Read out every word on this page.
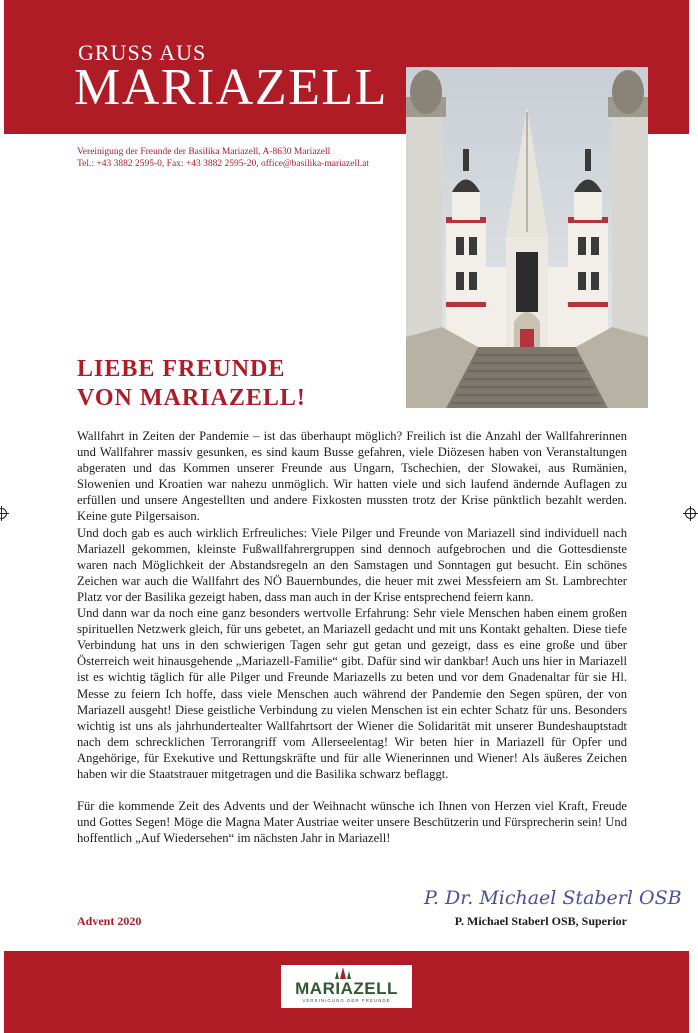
GRUSS AUS
MARIAZELL
Vereinigung der Freunde der Basilika Mariazell, A-8630 Mariazell
Tel.: +43 3882 2595-0, Fax: +43 3882 2595-20, office@basilika-mariazell.at
LIEBE FREUNDE
VON MARIAZELL!

Wallfahrt in Zeiten der Pandemie – ist das überhaupt möglich? Freilich ist die Anzahl der Wallfahrerinnen und Wallfahrer massiv gesunken, es sind kaum Busse gefahren, viele Diözesen haben von Veranstaltungen abgeraten und das Kommen unserer Freunde aus Ungarn, Tschechien, der Slowakei, aus Rumänien, Slowenien und Kroatien war nahezu unmöglich. Wir hatten viele und sich laufend ändernde Auflagen zu erfüllen und unsere Angestellten und andere Fixkosten mussten trotz der Krise pünktlich bezahlt werden. Keine gute Pilgersaison.

Und doch gab es auch wirklich Erfreuliches: Viele Pilger und Freunde von Mariazell sind individuell nach Mariazell gekommen, kleinste Fußwallfahrergruppen sind dennoch aufgebrochen und die Gottesdienste waren nach Möglichkeit der Abstandsregeln an den Samstagen und Sonntagen gut besucht. Ein schönes Zeichen war auch die Wallfahrt des NÖ Bauernbundes, die heuer mit zwei Messfeiern am St. Lambrechter Platz vor der Basilika gezeigt haben, dass man auch in der Krise entsprechend feiern kann.

Und dann war da noch eine ganz besonders wertvolle Erfahrung: Sehr viele Menschen haben einem großen spirituellen Netzwerk gleich, für uns gebetet, an Mariazell gedacht und mit uns Kontakt gehalten. Diese tiefe Verbindung hat uns in den schwierigen Tagen sehr gut getan und gezeigt, dass es eine große und über Österreich weit hinausgehende „Mariazell-Familie“ gibt. Dafür sind wir dankbar! Auch uns hier in Mariazell ist es wichtig täglich für alle Pilger und Freunde Mariazells zu beten und vor dem Gnadenaltar für sie Hl. Messe zu feiern Ich hoffe, dass viele Menschen auch während der Pandemie den Segen spüren, der von Mariazell ausgeht! Diese geistliche Verbindung zu vielen Menschen ist ein echter Schatz für uns. Besonders wichtig ist uns als jahrhundertealter Wallfahrtsort der Wiener die Solidarität mit unserer Bundeshauptstadt nach dem schrecklichen Terrorangriff vom Allerseelentag! Wir beten hier in Mariazell für Opfer und Angehörige, für Exekutive und Rettungskräfte und für alle Wienerinnen und Wiener! Als äußeres Zeichen haben wir die Staatstrauer mitgetragen und die Basilika schwarz beflaggt.

Für die kommende Zeit des Advents und der Weihnacht wünsche ich Ihnen von Herzen viel Kraft, Freude und Gottes Segen! Möge die Magna Mater Austriae weiter unsere Beschützerin und Fürsprecherin sein! Und hoffentlich „Auf Wiedersehen“ im nächsten Jahr in Mariazell!

P. Dr. Michael Staberl OSB
Advent 2020	P. Michael Staberl OSB, Superior
MARIAZELL
VEREINIGUNG DER FREUNDE
